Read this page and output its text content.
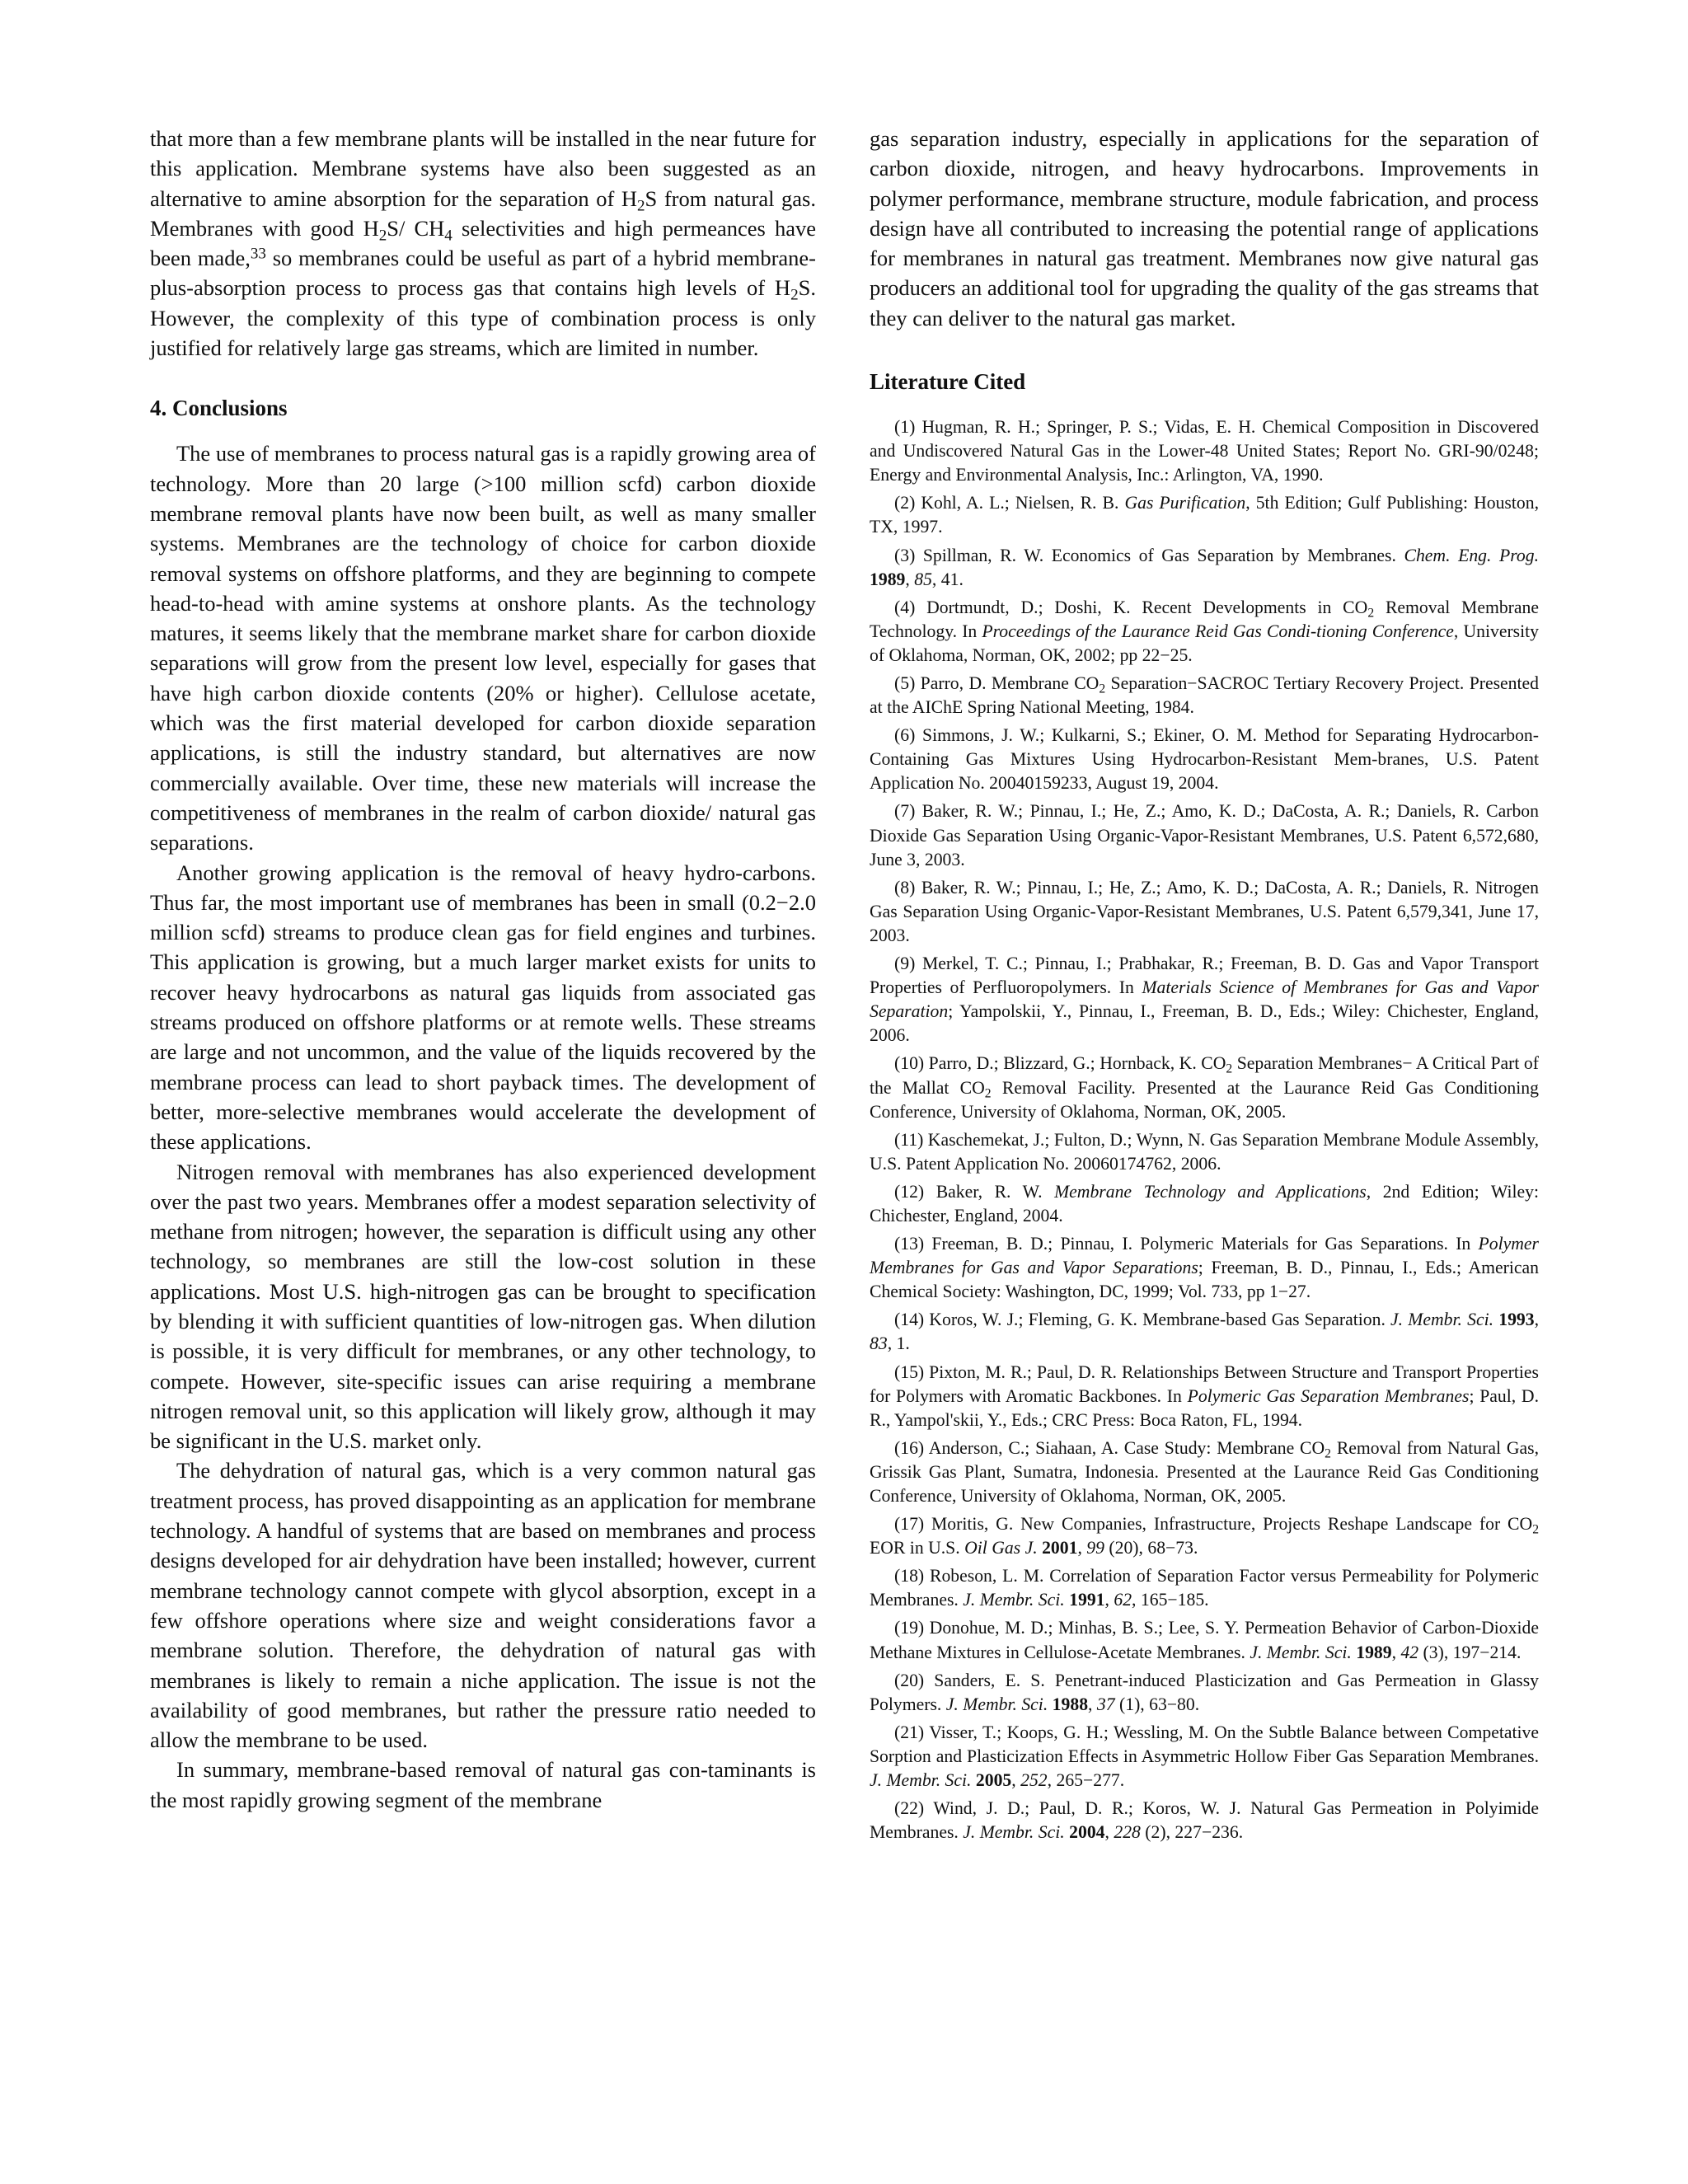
that more than a few membrane plants will be installed in the near future for this application. Membrane systems have also been suggested as an alternative to amine absorption for the separation of $H_2S$ from natural gas. Membranes with good $H_2S/$ $CH_4$ selectivities and high permeances have been made,$^{33}$ so membranes could be useful as part of a hybrid membrane-plus-absorption process to process gas that contains high levels of $H_2S$. However, the complexity of this type of combination process is only justified for relatively large gas streams, which are limited in number.

4. Conclusions

The use of membranes to process natural gas is a rapidly growing area of technology. More than 20 large (>100 million scfd) carbon dioxide membrane removal plants have now been built, as well as many smaller systems. Membranes are the technology of choice for carbon dioxide removal systems on offshore platforms, and they are beginning to compete head-to-head with amine systems at onshore plants. As the technology matures, it seems likely that the membrane market share for carbon dioxide separations will grow from the present low level, especially for gases that have high carbon dioxide contents (20% or higher). Cellulose acetate, which was the first material developed for carbon dioxide separation applications, is still the industry standard, but alternatives are now commercially available. Over time, these new materials will increase the competitiveness of membranes in the realm of carbon dioxide/ natural gas separations.

Another growing application is the removal of heavy hydro-carbons. Thus far, the most important use of membranes has been in small (0.2−2.0 million scfd) streams to produce clean gas for field engines and turbines. This application is growing, but a much larger market exists for units to recover heavy hydrocarbons as natural gas liquids from associated gas streams produced on offshore platforms or at remote wells. These streams are large and not uncommon, and the value of the liquids recovered by the membrane process can lead to short payback times. The development of better, more-selective membranes would accelerate the development of these applications.

Nitrogen removal with membranes has also experienced development over the past two years. Membranes offer a modest separation selectivity of methane from nitrogen; however, the separation is difficult using any other technology, so membranes are still the low-cost solution in these applications. Most U.S. high-nitrogen gas can be brought to specification by blending it with sufficient quantities of low-nitrogen gas. When dilution is possible, it is very difficult for membranes, or any other technology, to compete. However, site-specific issues can arise requiring a membrane nitrogen removal unit, so this application will likely grow, although it may be significant in the U.S. market only.

The dehydration of natural gas, which is a very common natural gas treatment process, has proved disappointing as an application for membrane technology. A handful of systems that are based on membranes and process designs developed for air dehydration have been installed; however, current membrane technology cannot compete with glycol absorption, except in a few offshore operations where size and weight considerations favor a membrane solution. Therefore, the dehydration of natural gas with membranes is likely to remain a niche application. The issue is not the availability of good membranes, but rather the pressure ratio needed to allow the membrane to be used.

In summary, membrane-based removal of natural gas con-taminants is the most rapidly growing segment of the membrane

gas separation industry, especially in applications for the separation of carbon dioxide, nitrogen, and heavy hydrocarbons. Improvements in polymer performance, membrane structure, module fabrication, and process design have all contributed to increasing the potential range of applications for membranes in natural gas treatment. Membranes now give natural gas producers an additional tool for upgrading the quality of the gas streams that they can deliver to the natural gas market.

Literature Cited

(1) Hugman, R. H.; Springer, P. S.; Vidas, E. H. Chemical Composition in Discovered and Undiscovered Natural Gas in the Lower-48 United States; Report No. GRI-90/0248; Energy and Environmental Analysis, Inc.: Arlington, VA, 1990.

(2) Kohl, A. L.; Nielsen, R. B. Gas Purification, 5th Edition; Gulf Publishing: Houston, TX, 1997.

(3) Spillman, R. W. Economics of Gas Separation by Membranes. Chem. Eng. Prog. 1989, 85, 41.

(4) Dortmundt, D.; Doshi, K. Recent Developments in $CO_2$ Removal Membrane Technology. In Proceedings of the Laurance Reid Gas Condi-tioning Conference, University of Oklahoma, Norman, OK, 2002; pp 22−25.

(5) Parro, D. Membrane $CO_2$ Separation−SACROC Tertiary Recovery Project. Presented at the AIChE Spring National Meeting, 1984.

(6) Simmons, J. W.; Kulkarni, S.; Ekiner, O. M. Method for Separating Hydrocarbon-Containing Gas Mixtures Using Hydrocarbon-Resistant Mem-branes, U.S. Patent Application No. 20040159233, August 19, 2004.

(7) Baker, R. W.; Pinnau, I.; He, Z.; Amo, K. D.; DaCosta, A. R.; Daniels, R. Carbon Dioxide Gas Separation Using Organic-Vapor-Resistant Membranes, U.S. Patent 6,572,680, June 3, 2003.

(8) Baker, R. W.; Pinnau, I.; He, Z.; Amo, K. D.; DaCosta, A. R.; Daniels, R. Nitrogen Gas Separation Using Organic-Vapor-Resistant Membranes, U.S. Patent 6,579,341, June 17, 2003.

(9) Merkel, T. C.; Pinnau, I.; Prabhakar, R.; Freeman, B. D. Gas and Vapor Transport Properties of Perfluoropolymers. In Materials Science of Membranes for Gas and Vapor Separation; Yampolskii, Y., Pinnau, I., Freeman, B. D., Eds.; Wiley: Chichester, England, 2006.

(10) Parro, D.; Blizzard, G.; Hornback, K. $CO_2$ Separation Membranes− A Critical Part of the Mallat $CO_2$ Removal Facility. Presented at the Laurance Reid Gas Conditioning Conference, University of Oklahoma, Norman, OK, 2005.

(11) Kaschemekat, J.; Fulton, D.; Wynn, N. Gas Separation Membrane Module Assembly, U.S. Patent Application No. 20060174762, 2006.

(12) Baker, R. W. Membrane Technology and Applications, 2nd Edition; Wiley: Chichester, England, 2004.

(13) Freeman, B. D.; Pinnau, I. Polymeric Materials for Gas Separations. In Polymer Membranes for Gas and Vapor Separations; Freeman, B. D., Pinnau, I., Eds.; American Chemical Society: Washington, DC, 1999; Vol. 733, pp 1−27.

(14) Koros, W. J.; Fleming, G. K. Membrane-based Gas Separation. J. Membr. Sci. 1993, 83, 1.

(15) Pixton, M. R.; Paul, D. R. Relationships Between Structure and Transport Properties for Polymers with Aromatic Backbones. In Polymeric Gas Separation Membranes; Paul, D. R., Yampol'skii, Y., Eds.; CRC Press: Boca Raton, FL, 1994.

(16) Anderson, C.; Siahaan, A. Case Study: Membrane $CO_2$ Removal from Natural Gas, Grissik Gas Plant, Sumatra, Indonesia. Presented at the Laurance Reid Gas Conditioning Conference, University of Oklahoma, Norman, OK, 2005.

(17) Moritis, G. New Companies, Infrastructure, Projects Reshape Landscape for $CO_2$ EOR in U.S. Oil Gas J. 2001, 99 (20), 68−73.

(18) Robeson, L. M. Correlation of Separation Factor versus Permeability for Polymeric Membranes. J. Membr. Sci. 1991, 62, 165−185.

(19) Donohue, M. D.; Minhas, B. S.; Lee, S. Y. Permeation Behavior of Carbon-Dioxide Methane Mixtures in Cellulose-Acetate Membranes. J. Membr. Sci. 1989, 42 (3), 197−214.

(20) Sanders, E. S. Penetrant-induced Plasticization and Gas Permeation in Glassy Polymers. J. Membr. Sci. 1988, 37 (1), 63−80.

(21) Visser, T.; Koops, G. H.; Wessling, M. On the Subtle Balance between Competative Sorption and Plasticization Effects in Asymmetric Hollow Fiber Gas Separation Membranes. J. Membr. Sci. 2005, 252, 265−277.

(22) Wind, J. D.; Paul, D. R.; Koros, W. J. Natural Gas Permeation in Polyimide Membranes. J. Membr. Sci. 2004, 228 (2), 227−236.
